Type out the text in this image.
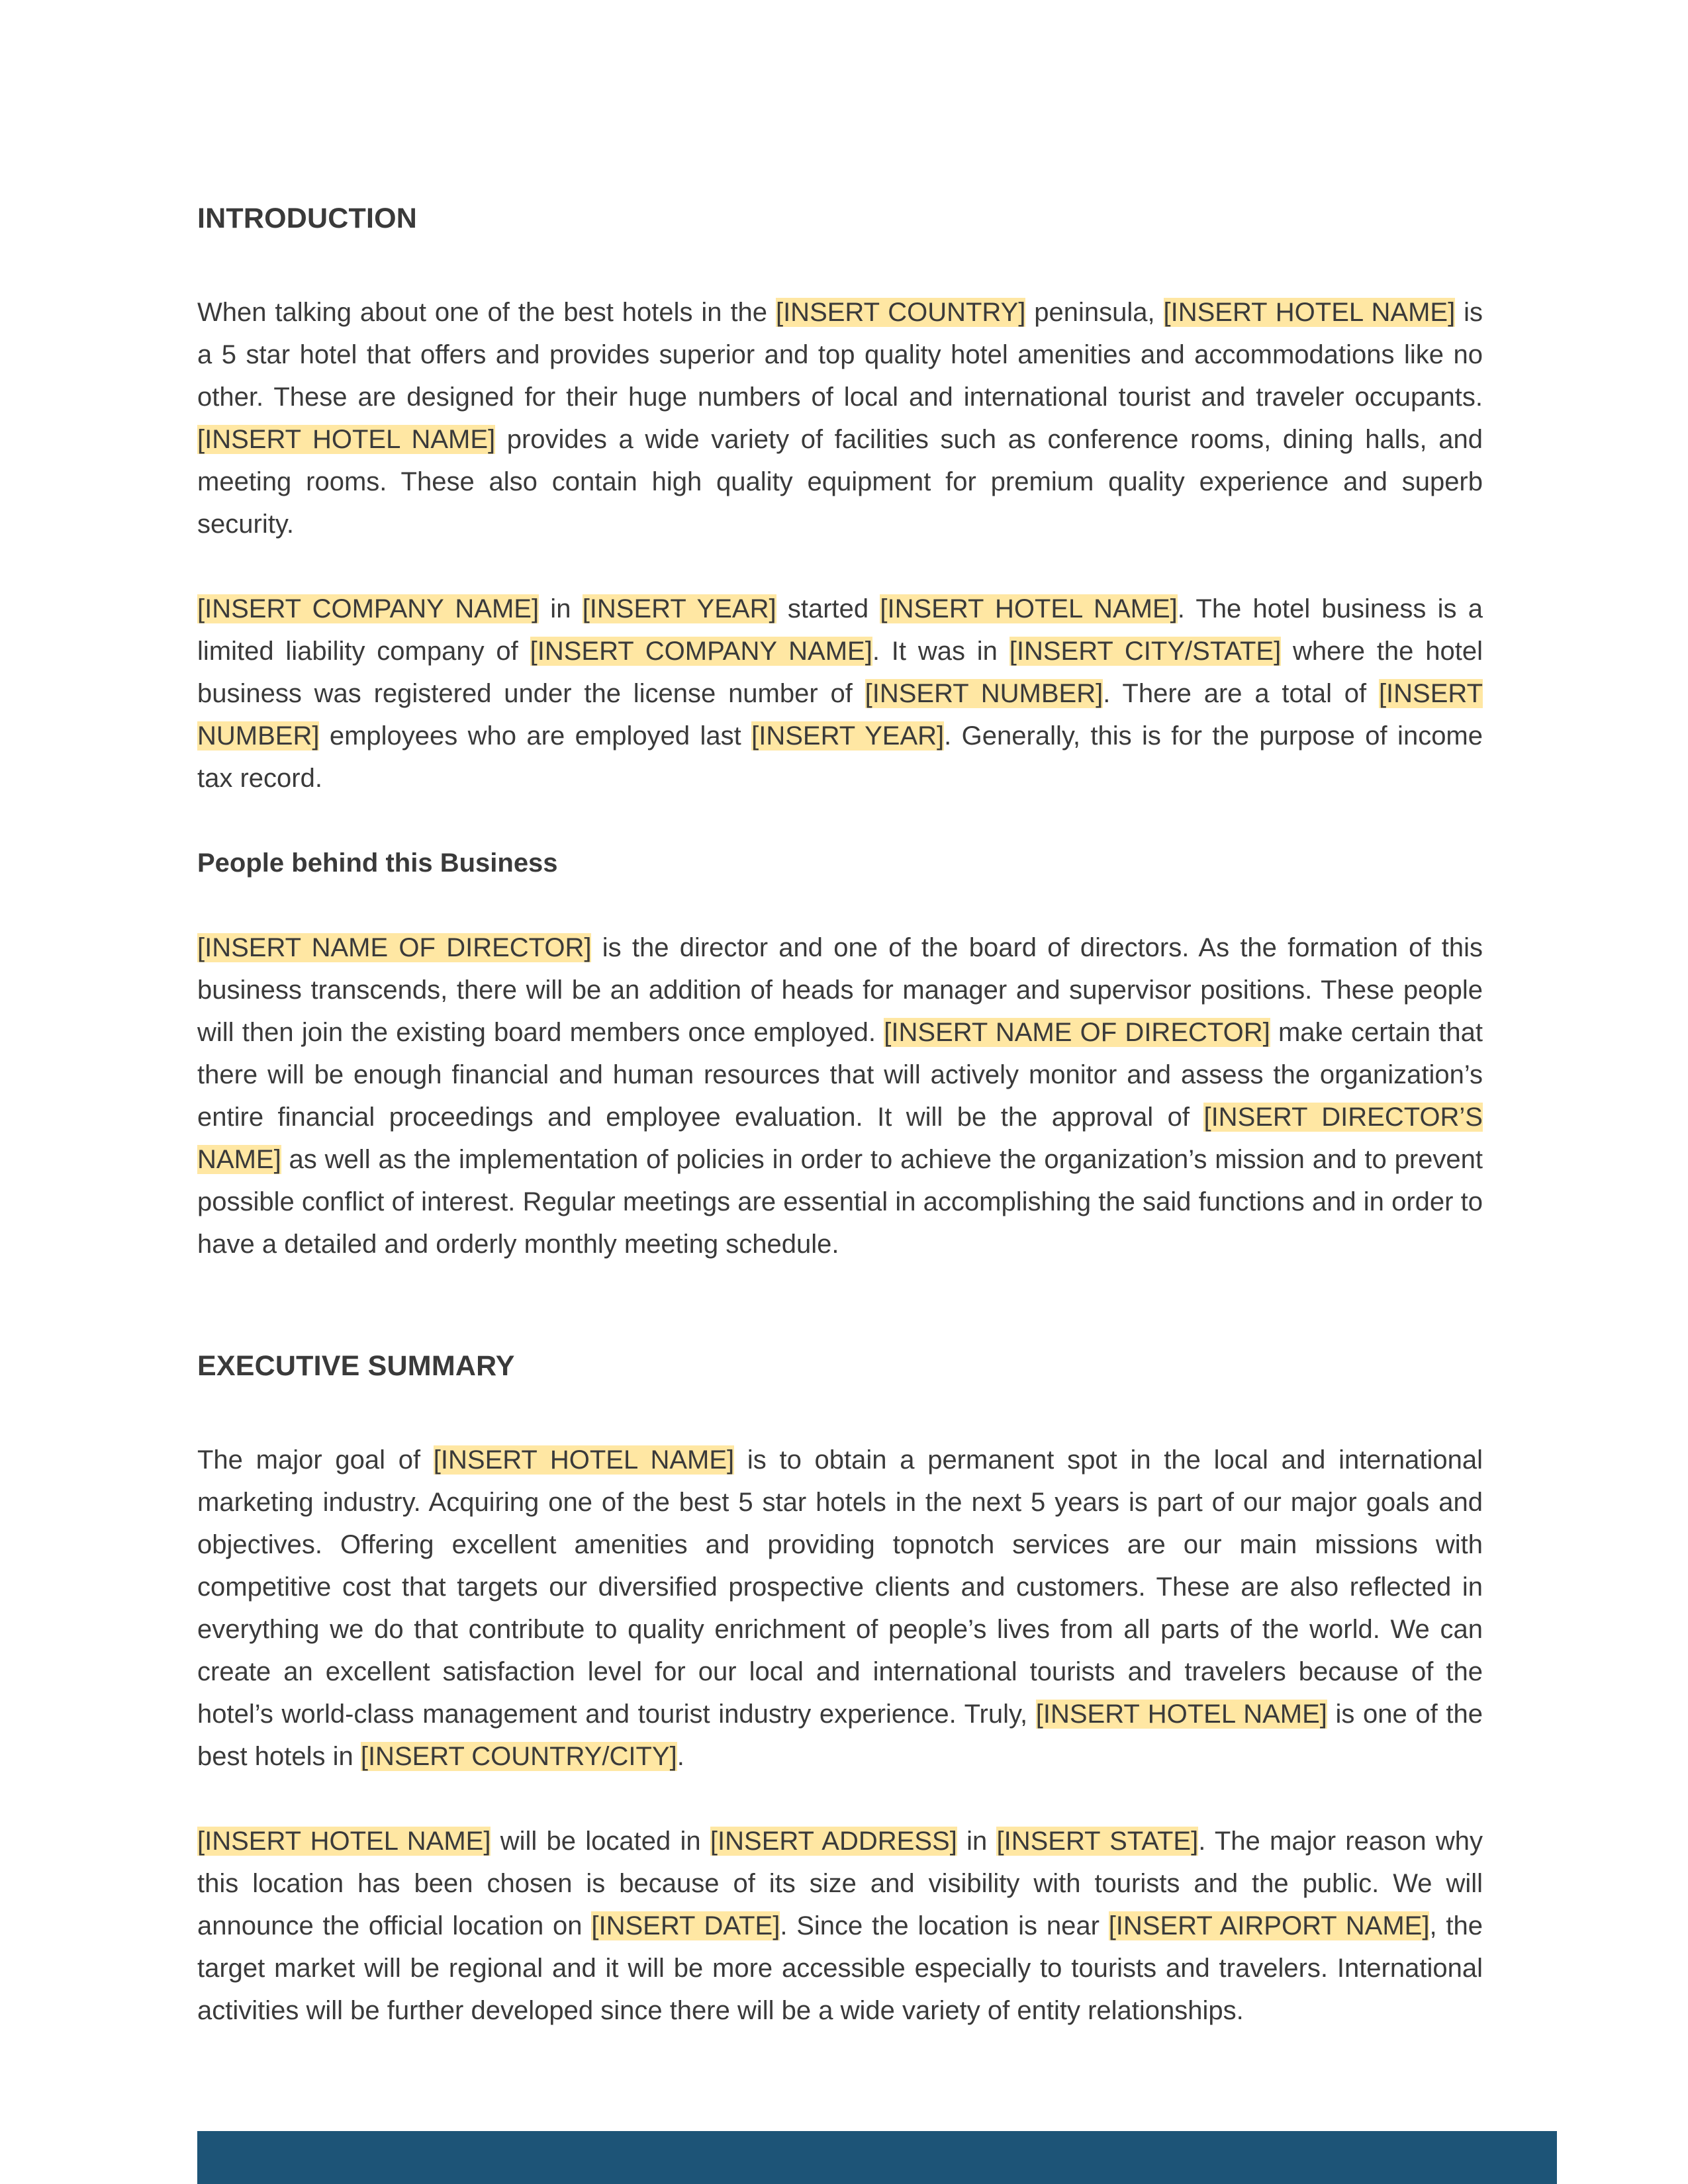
INTRODUCTION

When talking about one of the best hotels in the [INSERT COUNTRY] peninsula, [INSERT HOTEL NAME] is a 5 star hotel that offers and provides superior and top quality hotel amenities and accommodations like no other. These are designed for their huge numbers of local and international tourist and traveler occupants. [INSERT HOTEL NAME] provides a wide variety of facilities such as conference rooms, dining halls, and meeting rooms. These also contain high quality equipment for premium quality experience and superb security.

[INSERT COMPANY NAME] in [INSERT YEAR] started [INSERT HOTEL NAME]. The hotel business is a limited liability company of [INSERT COMPANY NAME]. It was in [INSERT CITY/STATE] where the hotel business was registered under the license number of [INSERT NUMBER]. There are a total of [INSERT NUMBER] employees who are employed last [INSERT YEAR]. Generally, this is for the purpose of income tax record.

People behind this Business

[INSERT NAME OF DIRECTOR] is the director and one of the board of directors. As the formation of this business transcends, there will be an addition of heads for manager and supervisor positions. These people will then join the existing board members once employed. [INSERT NAME OF DIRECTOR] make certain that there will be enough financial and human resources that will actively monitor and assess the organization’s entire financial proceedings and employee evaluation. It will be the approval of [INSERT DIRECTOR’S NAME] as well as the implementation of policies in order to achieve the organization’s mission and to prevent possible conflict of interest. Regular meetings are essential in accomplishing the said functions and in order to have a detailed and orderly monthly meeting schedule.

EXECUTIVE SUMMARY

The major goal of [INSERT HOTEL NAME] is to obtain a permanent spot in the local and international marketing industry. Acquiring one of the best 5 star hotels in the next 5 years is part of our major goals and objectives. Offering excellent amenities and providing topnotch services are our main missions with competitive cost that targets our diversified prospective clients and customers. These are also reflected in everything we do that contribute to quality enrichment of people’s lives from all parts of the world. We can create an excellent satisfaction level for our local and international tourists and travelers because of the hotel’s world-class management and tourist industry experience. Truly, [INSERT HOTEL NAME] is one of the best hotels in [INSERT COUNTRY/CITY].

[INSERT HOTEL NAME] will be located in [INSERT ADDRESS] in [INSERT STATE]. The major reason why this location has been chosen is because of its size and visibility with tourists and the public. We will announce the official location on [INSERT DATE]. Since the location is near [INSERT AIRPORT NAME], the target market will be regional and it will be more accessible especially to tourists and travelers. International activities will be further developed since there will be a wide variety of entity relationships.
